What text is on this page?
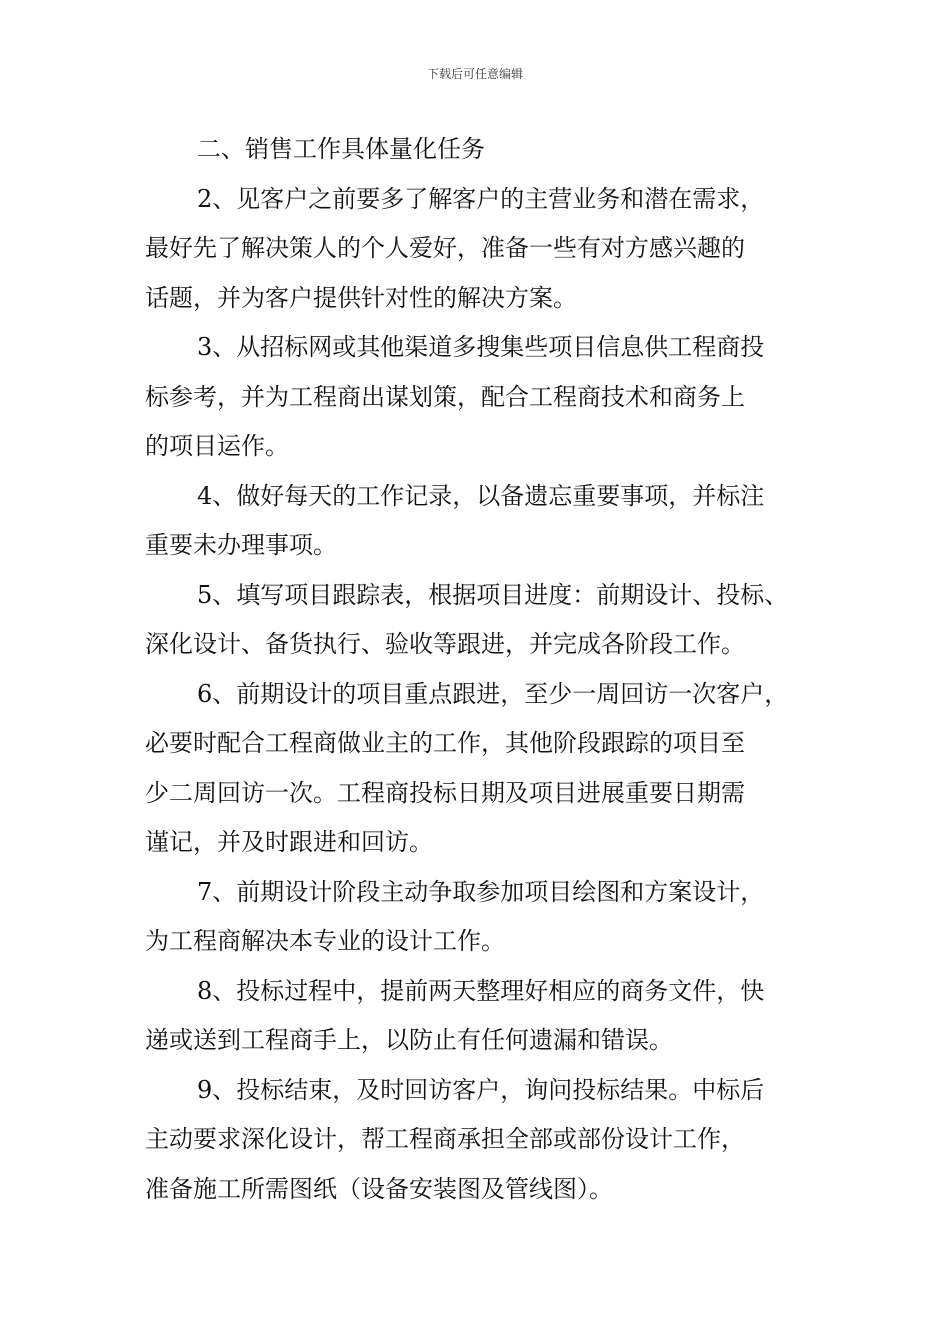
下载后可任意编辑
二、销售工作具体量化任务
2、见客户之前要多了解客户的主营业务和潜在需求，
最好先了解决策人的个人爱好，准备一些有对方感兴趣的
话题，并为客户提供针对性的解决方案。
3、从招标网或其他渠道多搜集些项目信息供工程商投
标参考，并为工程商出谋划策，配合工程商技术和商务上
的项目运作。
4、做好每天的工作记录，以备遗忘重要事项，并标注
重要未办理事项。
5、填写项目跟踪表，根据项目进度：前期设计、投标、
深化设计、备货执行、验收等跟进，并完成各阶段工作。
6、前期设计的项目重点跟进，至少一周回访一次客户，
必要时配合工程商做业主的工作，其他阶段跟踪的项目至
少二周回访一次。工程商投标日期及项目进展重要日期需
谨记，并及时跟进和回访。
7、前期设计阶段主动争取参加项目绘图和方案设计，
为工程商解决本专业的设计工作。
8、投标过程中，提前两天整理好相应的商务文件，快
递或送到工程商手上，以防止有任何遗漏和错误。
9、投标结束，及时回访客户，询问投标结果。中标后
主动要求深化设计，帮工程商承担全部或部份设计工作，
准备施工所需图纸（设备安装图及管线图）。
